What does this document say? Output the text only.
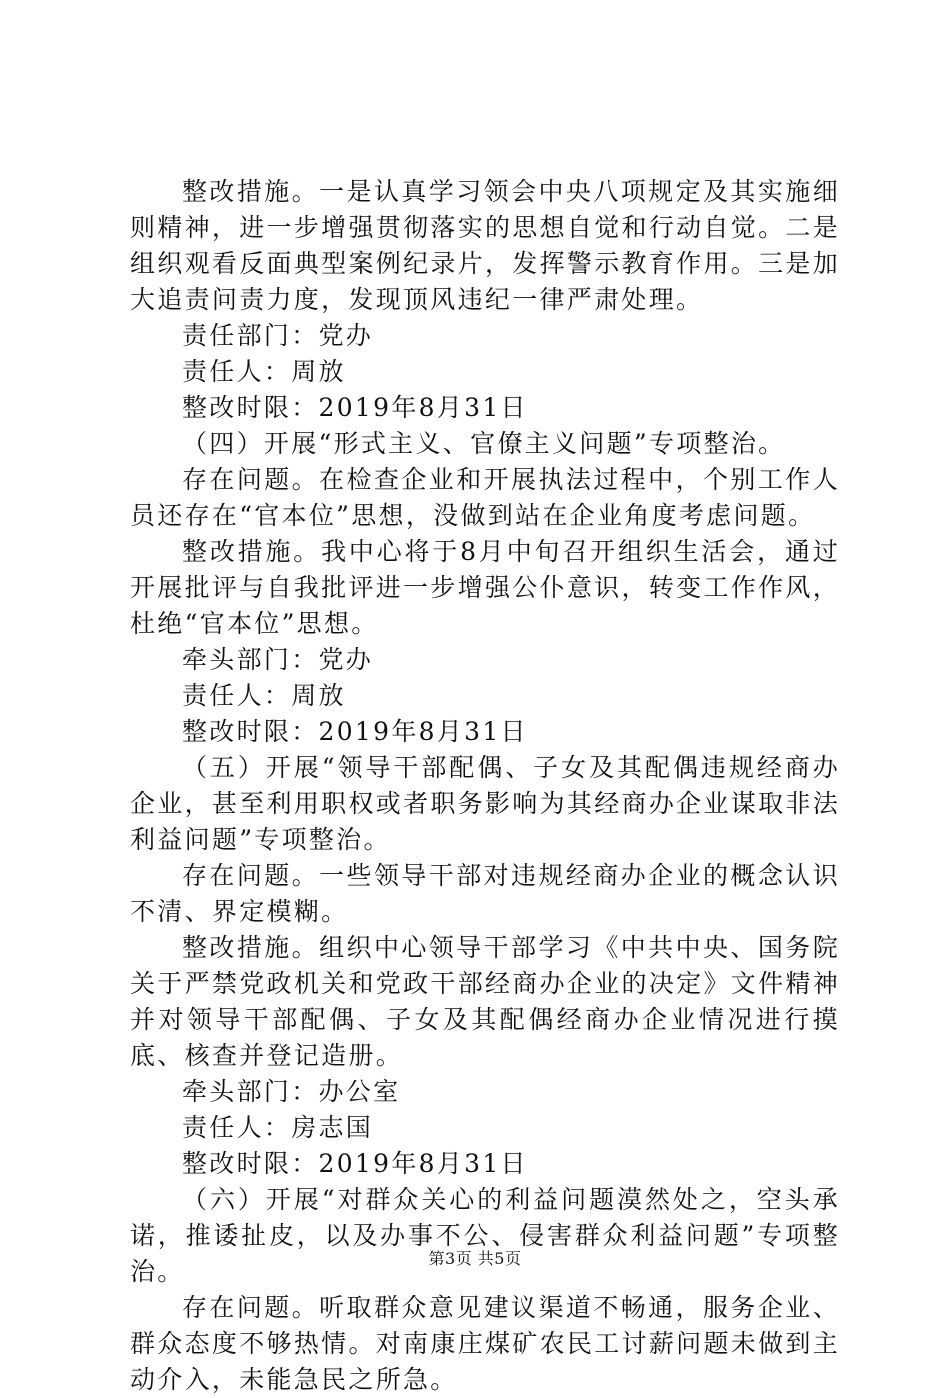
整改措施。一是认真学习领会中央八项规定及其实施细则精神，进一步增强贯彻落实的思想自觉和行动自觉。二是组织观看反面典型案例纪录片，发挥警示教育作用。三是加大追责问责力度，发现顶风违纪一律严肃处理。

责任部门：党办

责任人：周放

整改时限：2019年8月31日

（四）开展“形式主义、官僚主义问题”专项整治。

存在问题。在检查企业和开展执法过程中，个别工作人员还存在“官本位”思想，没做到站在企业角度考虑问题。

整改措施。我中心将于8月中旬召开组织生活会，通过开展批评与自我批评进一步增强公仆意识，转变工作作风，杜绝“官本位”思想。

牵头部门：党办

责任人：周放

整改时限：2019年8月31日

（五）开展“领导干部配偶、子女及其配偶违规经商办企业，甚至利用职权或者职务影响为其经商办企业谋取非法利益问题”专项整治。

存在问题。一些领导干部对违规经商办企业的概念认识不清、界定模糊。

整改措施。组织中心领导干部学习《中共中央、国务院关于严禁党政机关和党政干部经商办企业的决定》文件精神并对领导干部配偶、子女及其配偶经商办企业情况进行摸底、核查并登记造册。

牵头部门：办公室

责任人：房志国

整改时限：2019年8月31日

（六）开展“对群众关心的利益问题漠然处之，空头承诺，推诿扯皮，以及办事不公、侵害群众利益问题”专项整治。

存在问题。听取群众意见建议渠道不畅通，服务企业、群众态度不够热情。对南康庄煤矿农民工讨薪问题未做到主动介入，未能急民之所急。

第3页 共5页
